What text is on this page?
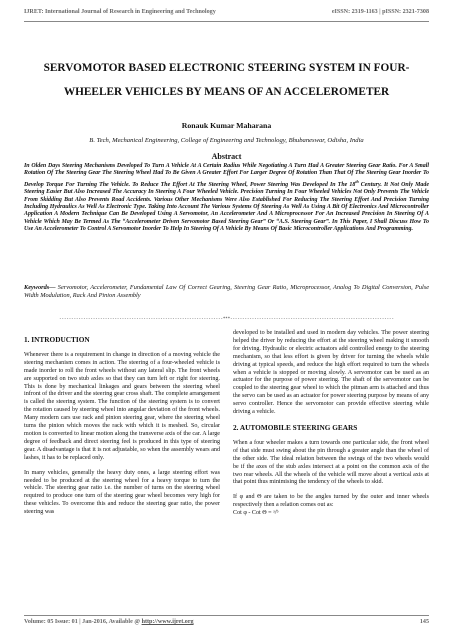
IJRET: International Journal of Research in Engineering and Technology	eISSN: 2319-1163 | pISSN: 2321-7308
SERVOMOTOR BASED ELECTRONIC STEERING SYSTEM IN FOUR-WHEELER VEHICLES BY MEANS OF AN ACCELEROMETER
Ronauk Kumar Maharana
B. Tech, Mechanical Engineering, College of Engineering and Technology, Bhubaneswar, Odisha, India
Abstract
In Olden Days Steering Mechanisms Developed To Turn A Vehicle At A Certain Radius While Negotiating A Turn Had A Greater Steering Gear Ratio. For A Small Rotation Of The Steering Gear The Steering Wheel Had To Be Given A Greater Effort For Larger Degree Of Rotation Than That Of The Steering Gear Inorder To Develop Torque For Turning The Vehicle. To Reduce The Effort At The Steering Wheel, Power Steering Was Developed In The 18th Century. It Not Only Made Steering Easier But Also Increased The Accuracy In Steering A Four Wheeled Vehicle. Precision Turning In Four Wheeled Vehicles Not Only Prevents The Vehicle From Skidding But Also Prevents Road Accidents. Various Other Mechanisms Were Also Established For Reducing The Steering Effort And Precision Turning Including Hydraulics As Well As Electronic Type. Taking Into Account The Various Systems Of Steering As Well As Using A Bit Of Electronics And Microcontroller Application A Modern Technique Can Be Developed Using A Servomotor, An Accelerometer And A Microprocessor For An Increased Precision In Steering Of A Vehicle Which May Be Termed As The “Accelerometer Driven Servomotor Based Steering Gear” Or “A.S. Steering Gear”. In This Paper, I Shall Discuss How To Use An Accelerometer To Control A Servomotor Inorder To Help In Steering Of A Vehicle By Means Of Basic Microcontroller Applications And Programming.
Keywords— Servomotor, Accelerometer, Fundamental Law Of Correct Gearing, Steering Gear Ratio, Microprocessor, Analog To Digital Conversion, Pulse Width Modulation, Rack And Pinion Assembly
--------------------------------------------------------------------***--------------------------------------------------------------------
1. INTRODUCTION

Whenever there is a requirement in change in direction of a moving vehicle the steering mechanism comes in action. The steering of a four-wheeled vehicle is made inorder to roll the front wheels without any lateral slip. The front wheels are supported on two stub axles so that they can turn left or right for steering. This is done by mechanical linkages and gears between the steering wheel infront of the driver and the steering gear cross shaft. The complete arrangement is called the steering system. The function of the steering system is to convert the rotation caused by steering wheel into angular deviation of the front wheels. Many modern cars use rack and pinion steering gear, where the steering wheel turns the pinion which moves the rack with which it is meshed. So, circular motion is converted to linear motion along the transverse axis of the car. A large degree of feedback and direct steering feel is produced in this type of steering gear. A disadvantage is that it is not adjustable, so when the assembly wears and lashes, it has to be replaced only.

In many vehicles, generally the heavy duty ones, a large steering effort was needed to be produced at the steering wheel for a heavy torque to turn the vehicle. The steering gear ratio i.e. the number of turns on the steering wheel required to produce one turn of the steering gear wheel becomes very high for these vehicles. To overcome this and reduce the steering gear ratio, the power steering was

developed to be installed and used in modern day vehicles. The power steering helped the driver by reducing the effort at the steering wheel making it smooth for driving. Hydraulic or electric actuators add controlled energy to the steering mechanism, so that less effort is given by driver for turning the wheels while driving at typical speeds, and reduce the high effort required to turn the wheels when a vehicle is stopped or moving slowly. A servomotor can be used as an actuator for the purpose of power steering. The shaft of the servomotor can be coupled to the steering gear wheel to which the pitman arm is attached and thus the servo can be used as an actuator for power steering purpose by means of any servo controller. Hence the servomotor can provide effective steering while driving a vehicle.

2. AUTOMOBILE STEERING GEARS

When a four wheeler makes a turn towards one particular side, the front wheel of that side must swing about the pin through a greater angle than the wheel of the other side. The ideal relation between the swings of the two wheels would be if the axes of the stub axles intersect at a point on the common axis of the two rear wheels. All the wheels of the vehicle will move about a vertical axis at that point thus minimising the tendency of the wheels to skid.

If φ and Θ are taken to be the angles turned by the outer and inner wheels respectively then a relation comes out as:

Cot φ - Cot Θ = ᵃ/ᵇ
Volume: 05 Issue: 01 | Jan-2016, Available @ http://www.ijret.org	145
